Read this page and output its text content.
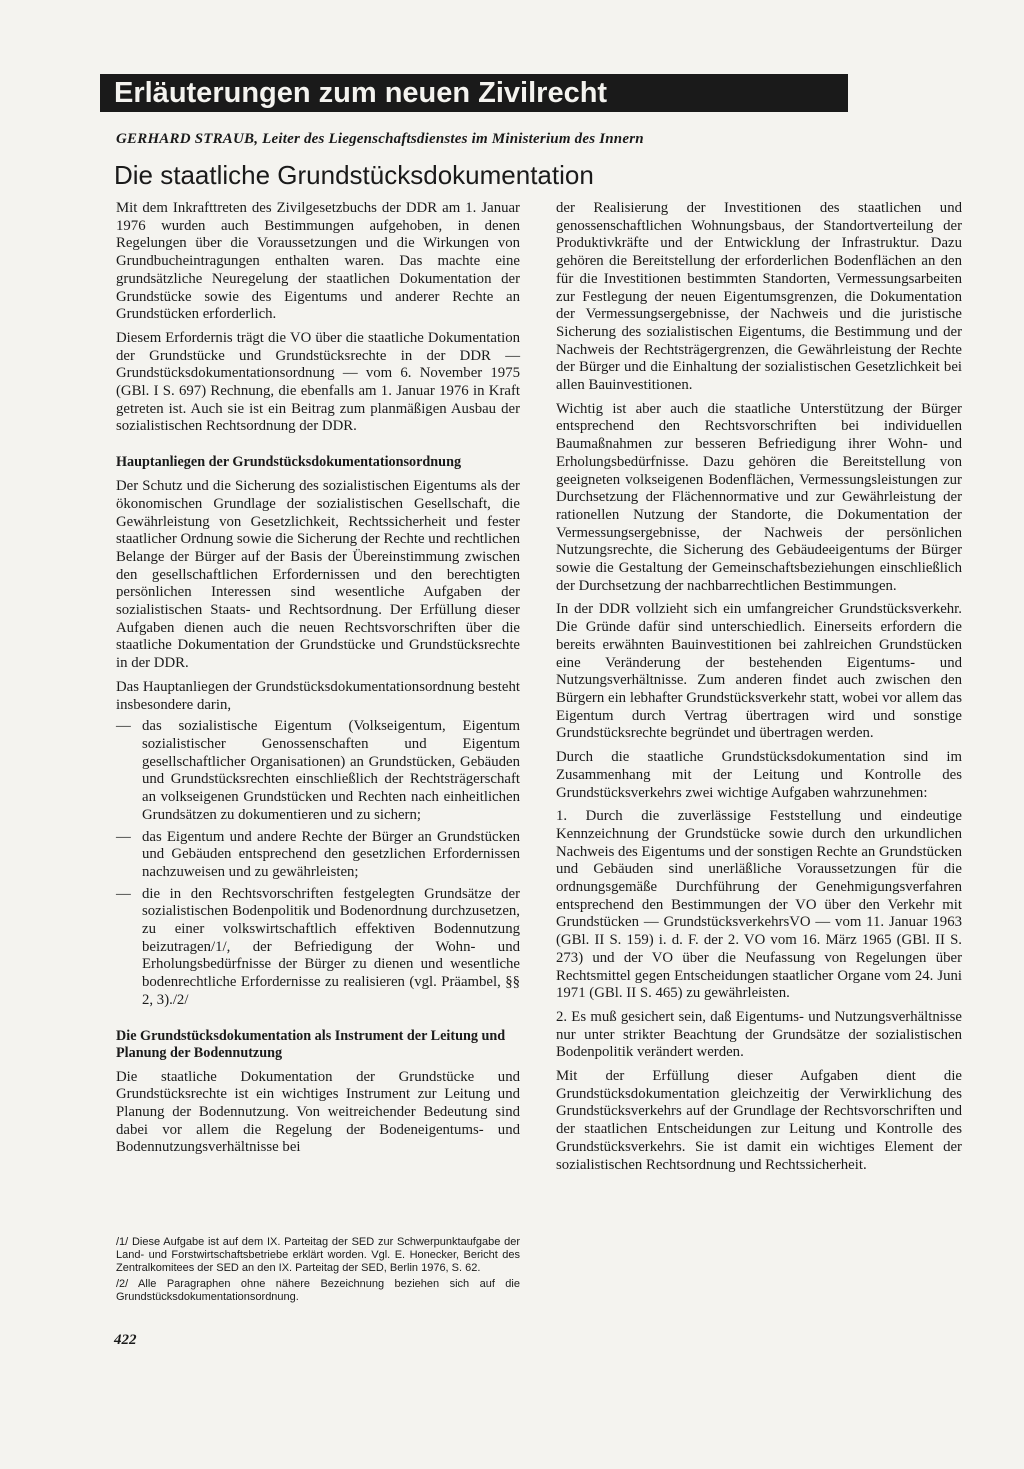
Erläuterungen zum neuen Zivilrecht
GERHARD STRAUB, Leiter des Liegenschaftsdienstes im Ministerium des Innern
Die staatliche Grundstücksdokumentation

Mit dem Inkrafttreten des Zivilgesetzbuchs der DDR am 1. Januar 1976 wurden auch Bestimmungen aufgehoben, in denen Regelungen über die Voraussetzungen und die Wirkungen von Grundbucheintragungen enthalten waren. Das machte eine grundsätzliche Neuregelung der staatlichen Dokumentation der Grundstücke sowie des Eigentums und anderer Rechte an Grundstücken erforderlich.

Diesem Erfordernis trägt die VO über die staatliche Dokumentation der Grundstücke und Grundstücksrechte in der DDR — Grundstücksdokumentationsordnung — vom 6. November 1975 (GBl. I S. 697) Rechnung, die ebenfalls am 1. Januar 1976 in Kraft getreten ist. Auch sie ist ein Beitrag zum planmäßigen Ausbau der sozialistischen Rechtsordnung der DDR.

Hauptanliegen der Grundstücksdokumentationsordnung

Der Schutz und die Sicherung des sozialistischen Eigentums als der ökonomischen Grundlage der sozialistischen Gesellschaft, die Gewährleistung von Gesetzlichkeit, Rechtssicherheit und fester staatlicher Ordnung sowie die Sicherung der Rechte und rechtlichen Belange der Bürger auf der Basis der Übereinstimmung zwischen den gesellschaftlichen Erfordernissen und den berechtigten persönlichen Interessen sind wesentliche Aufgaben der sozialistischen Staats- und Rechtsordnung. Der Erfüllung dieser Aufgaben dienen auch die neuen Rechtsvorschriften über die staatliche Dokumentation der Grundstücke und Grundstücksrechte in der DDR.

Das Hauptanliegen der Grundstücksdokumentationsordnung besteht insbesondere darin,

— das sozialistische Eigentum (Volkseigentum, Eigentum sozialistischer Genossenschaften und Eigentum gesellschaftlicher Organisationen) an Grundstücken, Gebäuden und Grundstücksrechten einschließlich der Rechtsträgerschaft an volkseigenen Grundstücken und Rechten nach einheitlichen Grundsätzen zu dokumentieren und zu sichern;
— das Eigentum und andere Rechte der Bürger an Grundstücken und Gebäuden entsprechend den gesetzlichen Erfordernissen nachzuweisen und zu gewährleisten;
— die in den Rechtsvorschriften festgelegten Grundsätze der sozialistischen Bodenpolitik und Bodenordnung durchzusetzen, zu einer volkswirtschaftlich effektiven Bodennutzung beizutragen/1/, der Befriedigung der Wohn- und Erholungsbedürfnisse der Bürger zu dienen und wesentliche bodenrechtliche Erfordernisse zu realisieren (vgl. Präambel, §§ 2, 3)./2/
Die Grundstücksdokumentation als Instrument der Leitung und Planung der Bodennutzung

Die staatliche Dokumentation der Grundstücke und Grundstücksrechte ist ein wichtiges Instrument zur Leitung und Planung der Bodennutzung. Von weitreichender Bedeutung sind dabei vor allem die Regelung der Bodeneigentums- und Bodennutzungsverhältnisse bei

der Realisierung der Investitionen des staatlichen und genossenschaftlichen Wohnungsbaus, der Standortverteilung der Produktivkräfte und der Entwicklung der Infrastruktur. Dazu gehören die Bereitstellung der erforderlichen Bodenflächen an den für die Investitionen bestimmten Standorten, Vermessungsarbeiten zur Festlegung der neuen Eigentumsgrenzen, die Dokumentation der Vermessungsergebnisse, der Nachweis und die juristische Sicherung des sozialistischen Eigentums, die Bestimmung und der Nachweis der Rechtsträgergrenzen, die Gewährleistung der Rechte der Bürger und die Einhaltung der sozialistischen Gesetzlichkeit bei allen Bauinvestitionen.

Wichtig ist aber auch die staatliche Unterstützung der Bürger entsprechend den Rechtsvorschriften bei individuellen Baumaßnahmen zur besseren Befriedigung ihrer Wohn- und Erholungsbedürfnisse. Dazu gehören die Bereitstellung von geeigneten volkseigenen Bodenflächen, Vermessungsleistungen zur Durchsetzung der Flächennormative und zur Gewährleistung der rationellen Nutzung der Standorte, die Dokumentation der Vermessungsergebnisse, der Nachweis der persönlichen Nutzungsrechte, die Sicherung des Gebäudeeigentums der Bürger sowie die Gestaltung der Gemeinschaftsbeziehungen einschließlich der Durchsetzung der nachbarrechtlichen Bestimmungen.

In der DDR vollzieht sich ein umfangreicher Grundstücksverkehr. Die Gründe dafür sind unterschiedlich. Einerseits erfordern die bereits erwähnten Bauinvestitionen bei zahlreichen Grundstücken eine Veränderung der bestehenden Eigentums- und Nutzungsverhältnisse. Zum anderen findet auch zwischen den Bürgern ein lebhafter Grundstücksverkehr statt, wobei vor allem das Eigentum durch Vertrag übertragen wird und sonstige Grundstücksrechte begründet und übertragen werden.

Durch die staatliche Grundstücksdokumentation sind im Zusammenhang mit der Leitung und Kontrolle des Grundstücksverkehrs zwei wichtige Aufgaben wahrzunehmen:

1. Durch die zuverlässige Feststellung und eindeutige Kennzeichnung der Grundstücke sowie durch den urkundlichen Nachweis des Eigentums und der sonstigen Rechte an Grundstücken und Gebäuden sind unerläßliche Voraussetzungen für die ordnungsgemäße Durchführung der Genehmigungsverfahren entsprechend den Bestimmungen der VO über den Verkehr mit Grundstücken — GrundstücksverkehrsVO — vom 11. Januar 1963 (GBl. II S. 159) i. d. F. der 2. VO vom 16. März 1965 (GBl. II S. 273) und der VO über die Neufassung von Regelungen über Rechtsmittel gegen Entscheidungen staatlicher Organe vom 24. Juni 1971 (GBl. II S. 465) zu gewährleisten.

2. Es muß gesichert sein, daß Eigentums- und Nutzungsverhältnisse nur unter strikter Beachtung der Grundsätze der sozialistischen Bodenpolitik verändert werden.

Mit der Erfüllung dieser Aufgaben dient die Grundstücksdokumentation gleichzeitig der Verwirklichung des Grundstücksverkehrs auf der Grundlage der Rechtsvorschriften und der staatlichen Entscheidungen zur Leitung und Kontrolle des Grundstücksverkehrs. Sie ist damit ein wichtiges Element der sozialistischen Rechtsordnung und Rechtssicherheit.

/1/ Diese Aufgabe ist auf dem IX. Parteitag der SED zur Schwerpunktaufgabe der Land- und Forstwirtschaftsbetriebe erklärt worden. Vgl. E. Honecker, Bericht des Zentralkomitees der SED an den IX. Parteitag der SED, Berlin 1976, S. 62.

/2/ Alle Paragraphen ohne nähere Bezeichnung beziehen sich auf die Grundstücksdokumentationsordnung.

422
